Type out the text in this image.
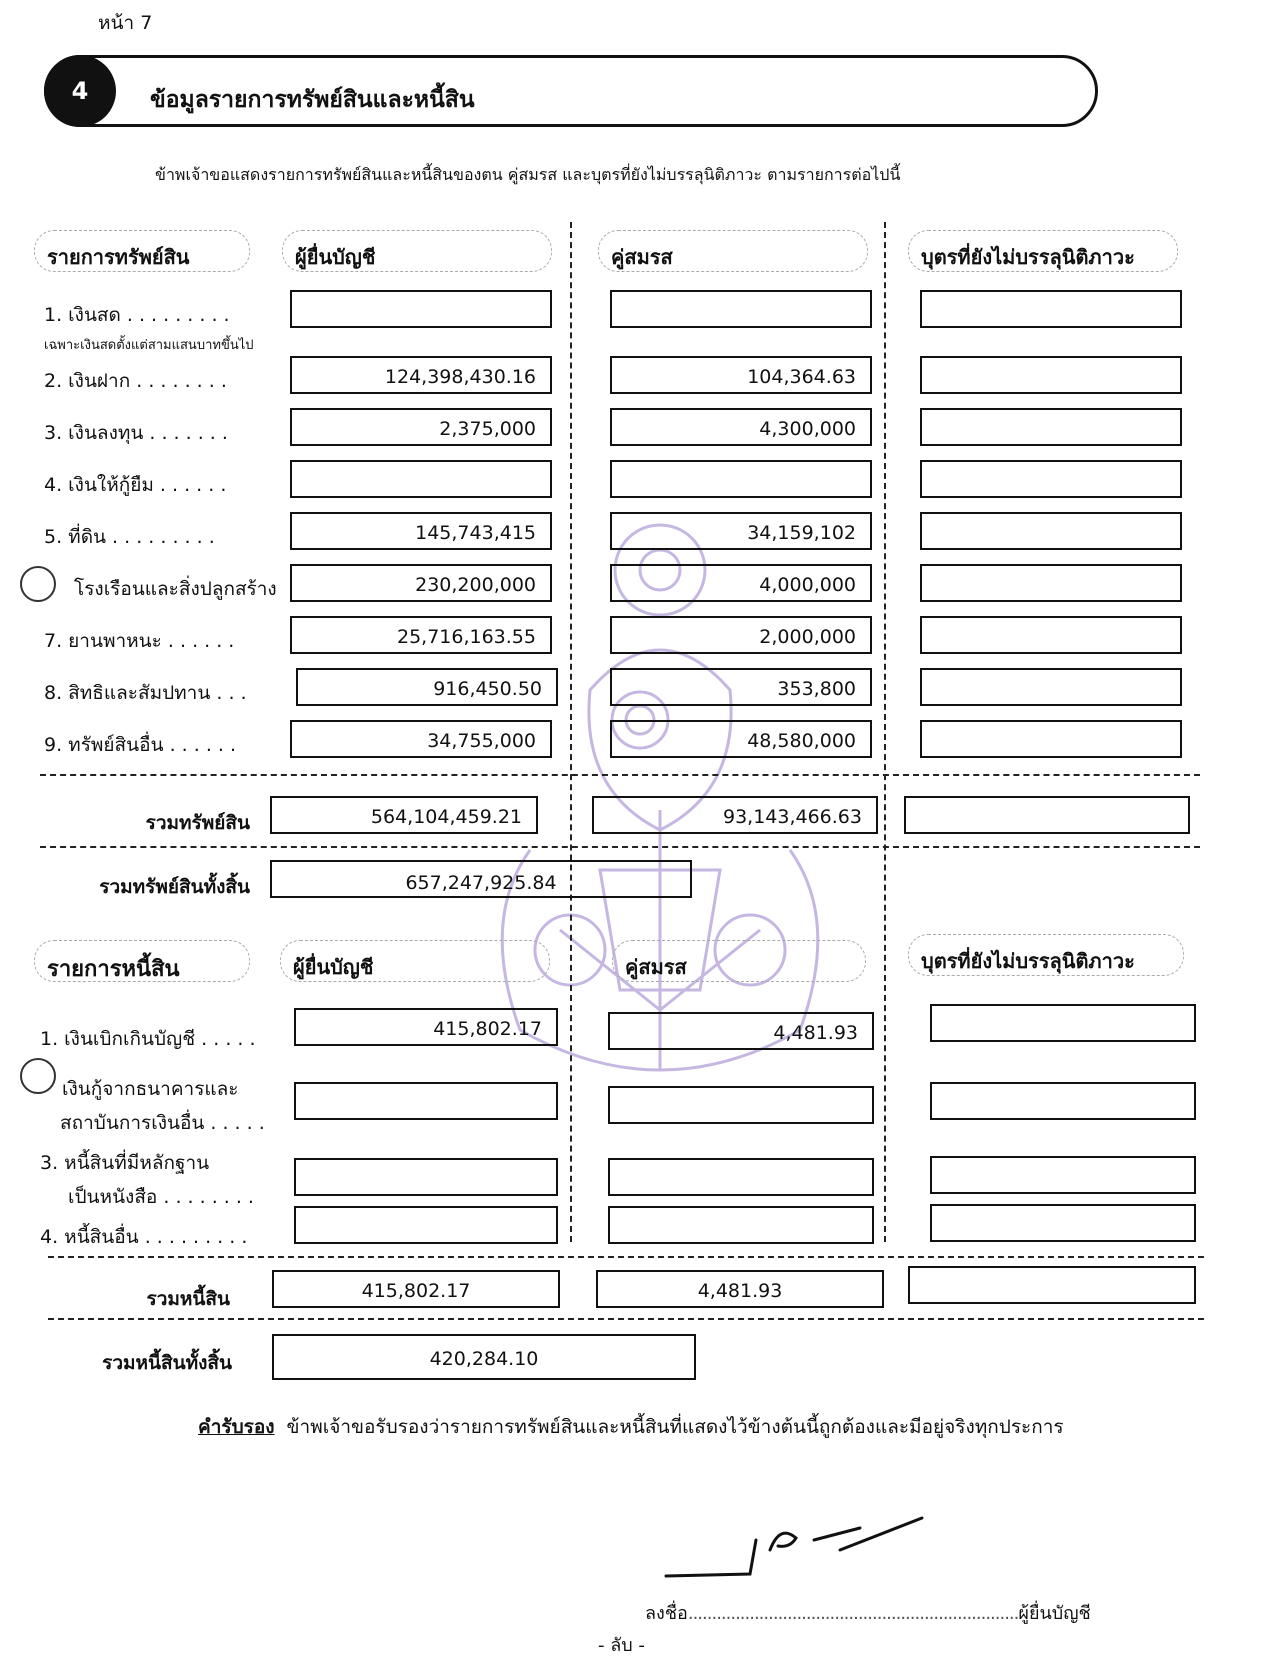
หน้า 7
4	ข้อมูลรายการทรัพย์สินและหนี้สิน
ข้าพเจ้าขอแสดงรายการทรัพย์สินและหนี้สินของตน คู่สมรส และบุตรที่ยังไม่บรรลุนิติภาวะ ตามรายการต่อไปนี้
รายการทรัพย์สิน	ผู้ยื่นบัญชี	คู่สมรส	บุตรที่ยังไม่บรรลุนิติภาวะ
1. เงินสด . . . . . . . . .
เฉพาะเงินสดตั้งแต่สามแสนบาทขึ้นไป
2. เงินฝาก . . . . . . . .	124,398,430.16	104,364.63
3. เงินลงทุน . . . . . . .	2,375,000	4,300,000
4. เงินให้กู้ยืม . . . . . .
5. ที่ดิน . . . . . . . . .	145,743,415	34,159,102
โรงเรือนและสิ่งปลูกสร้าง	230,200,000	4,000,000
7. ยานพาหนะ . . . . . .	25,716,163.55	2,000,000
8. สิทธิและสัมปทาน . . .	916,450.50	353,800
9. ทรัพย์สินอื่น . . . . . .	34,755,000	48,580,000
รวมทรัพย์สิน	564,104,459.21	93,143,466.63
รวมทรัพย์สินทั้งสิ้น	657,247,925.84
รายการหนี้สิน	ผู้ยื่นบัญชี	คู่สมรส	บุตรที่ยังไม่บรรลุนิติภาวะ
1. เงินเบิกเกินบัญชี . . . . .	415,802.17	4,481.93
เงินกู้จากธนาคารและ
สถาบันการเงินอื่น . . . . .
3. หนี้สินที่มีหลักฐาน
เป็นหนังสือ . . . . . . . .
4. หนี้สินอื่น . . . . . . . . .
รวมหนี้สิน	415,802.17	4,481.93
รวมหนี้สินทั้งสิ้น	420,284.10
คำรับรอง ข้าพเจ้าขอรับรองว่ารายการทรัพย์สินและหนี้สินที่แสดงไว้ข้างต้นนี้ถูกต้องและมีอยู่จริงทุกประการ
ลงชื่อ......................................................................ผู้ยื่นบัญชี
- ลับ -
